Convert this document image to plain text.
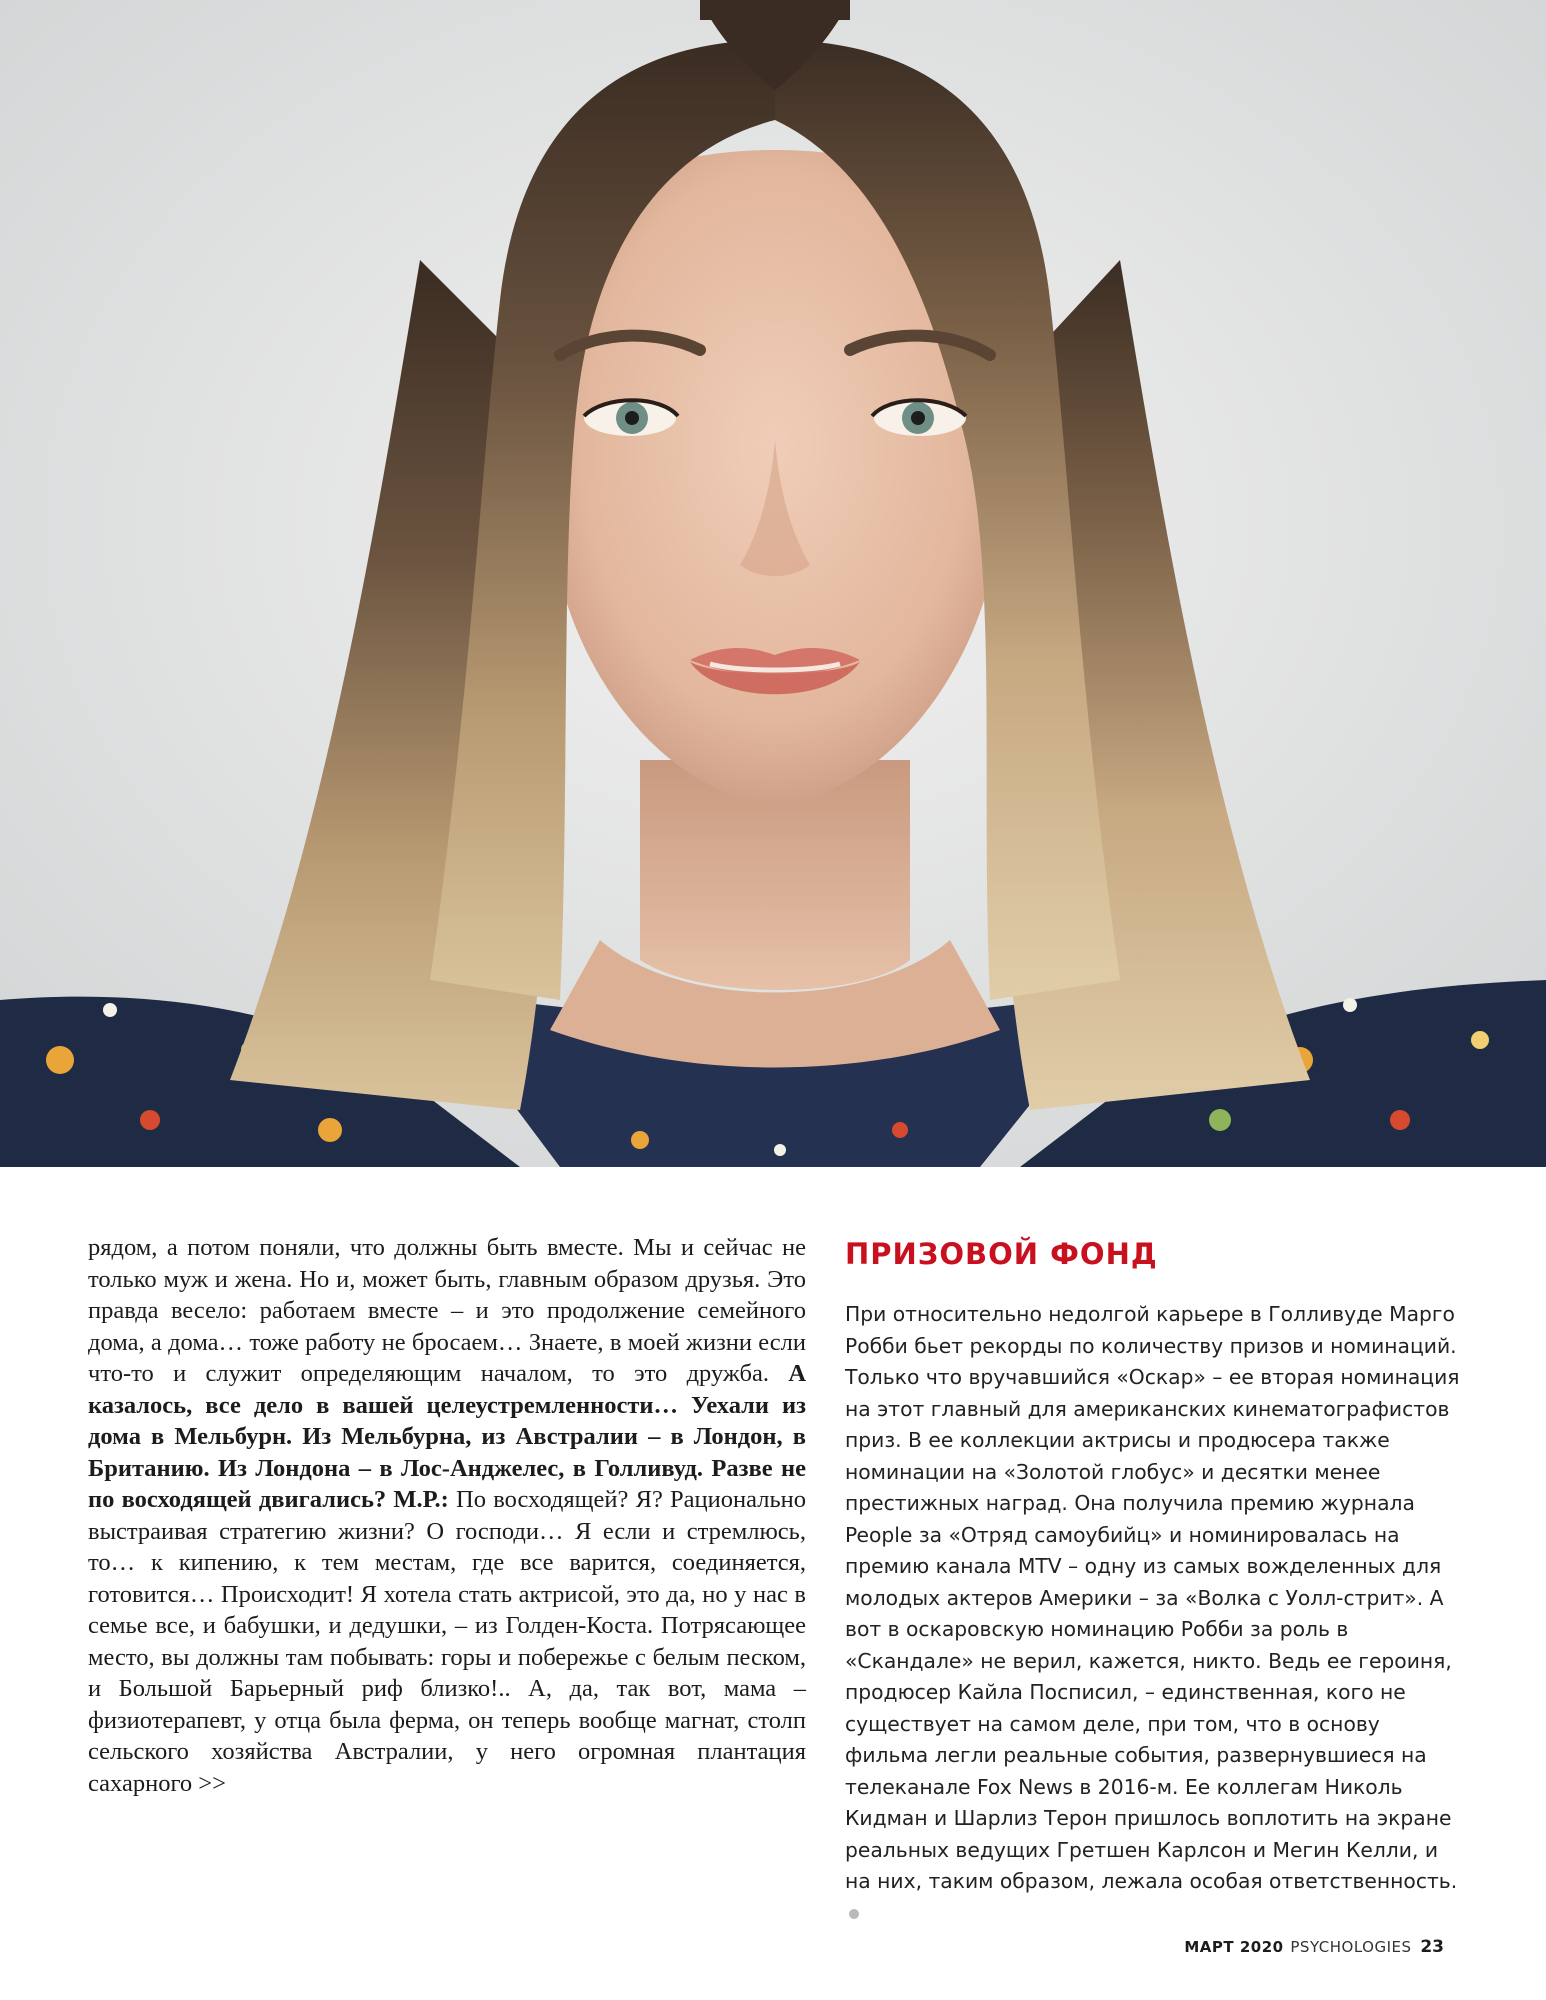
рядом, а потом поняли, что должны быть вместе. Мы и сейчас не только муж и жена. Но и, может быть, главным образом друзья. Это правда весело: работаем вместе – и это продолжение семейного дома, а дома… тоже работу не бросаем… Знаете, в моей жизни если что-то и служит определяющим началом, то это дружба. А казалось, все дело в вашей целеустремленности… Уехали из дома в Мельбурн. Из Мельбурна, из Австралии – в Лондон, в Британию. Из Лондона – в Лос-Анджелес, в Голливуд. Разве не по восходящей двигались? М.Р.: По восходящей? Я? Рационально выстраивая стратегию жизни? О господи… Я если и стремлюсь, то… к кипению, к тем местам, где все варится, соединяется, готовится… Происходит! Я хотела стать актрисой, это да, но у нас в семье все, и бабушки, и дедушки, – из Голден-Коста. Потрясающее место, вы должны там побывать: горы и побережье с белым песком, и Большой Барьерный риф близко!.. А, да, так вот, мама – физиотерапевт, у отца была ферма, он теперь вообще магнат, столп сельского хозяйства Австралии, у него огромная плантация сахарного >>

ПРИЗОВОЙ ФОНД

При относительно недолгой карьере в Голливуде Марго Робби бьет рекорды по количеству призов и номинаций. Только что вручавшийся «Оскар» – ее вторая номинация на этот главный для американских кинематографистов приз. В ее коллекции актрисы и продюсера также номинации на «Золотой глобус» и десятки менее престижных наград. Она получила премию журнала People за «Отряд самоубийц» и номинировалась на премию канала MTV – одну из самых вожделенных для молодых актеров Америки – за «Волка с Уолл-стрит». А вот в оскаровскую номинацию Робби за роль в «Скандале» не верил, кажется, никто. Ведь ее героиня, продюсер Кайла Посписил, – единственная, кого не существует на самом деле, при том, что в основу фильма легли реальные события, развернувшиеся на телеканале Fox News в 2016-м. Ее коллегам Николь Кидман и Шарлиз Терон пришлось воплотить на экране реальных ведущих Гретшен Карлсон и Мегин Келли, и на них, таким образом, лежала особая ответственность.

МАРТ 2020 PSYCHOLOGIES 23
